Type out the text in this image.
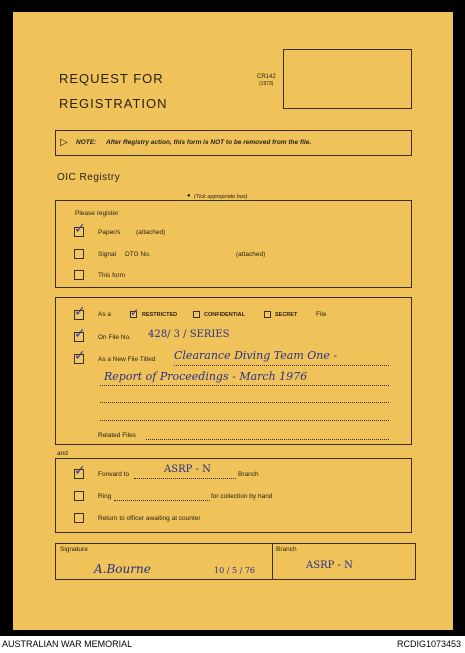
REQUEST FOR
REGISTRATION
CR142
(1973)
▷ NOTE: After Registry action, this form is NOT to be removed from the file.
OIC Registry
● (Tick appropriate box)
Please register
✓ Paper/s (attached)
Signal DTG No.	(attached)
This form
✓ As a ✓ RESTRICTED	CONFIDENTIAL	SECRET	File
✓ On File No. 428/ 3 / SERIES
✓ As a New File Titled Clearance Diving Team One -
Report of Proceedings - March 1976
Related Files
and
✓ Forward to	ASRP - N	Branch
Ring	for collection by hand
Return to officer awaiting at counter
Signature
A.Bourne	10 / 5 / 76
Branch
ASRP - N
AUSTRALIAN WAR MEMORIAL	RCDIG1073453
